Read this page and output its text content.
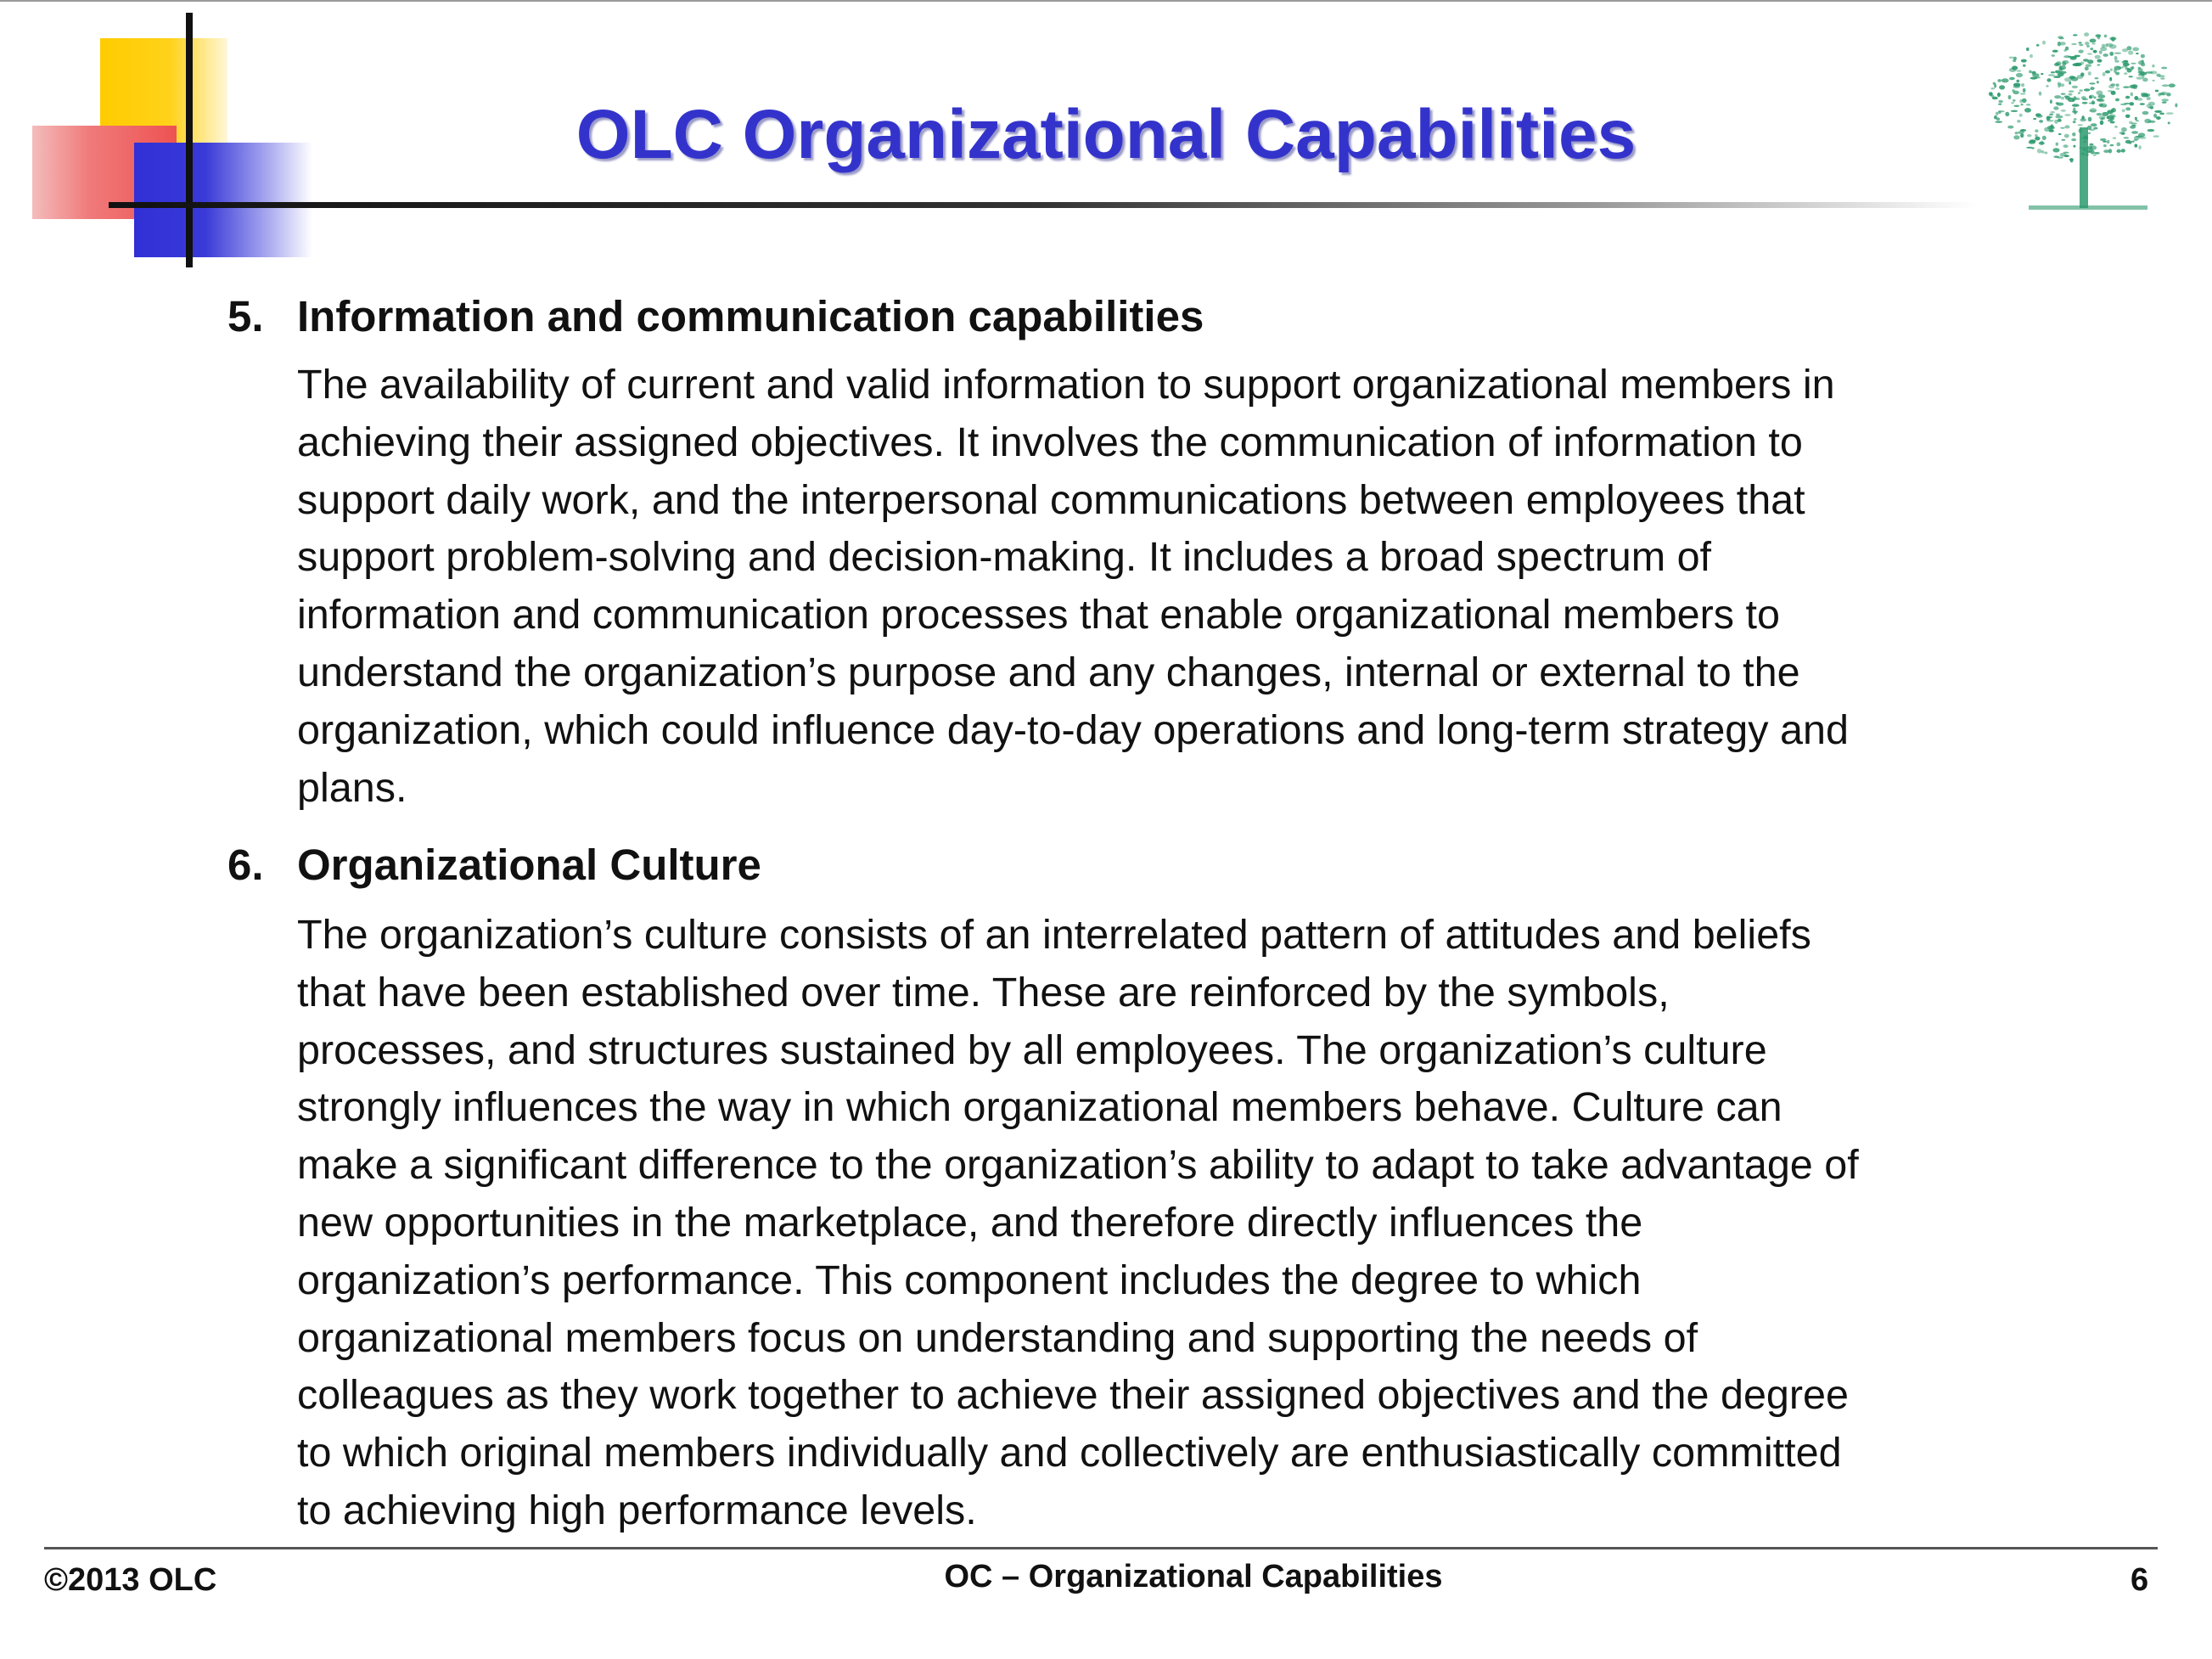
OLC Organizational Capabilities
5. Information and communication capabilities
The availability of current and valid information to support organizational members in
achieving their assigned objectives. It involves the communication of information to
support daily work, and the interpersonal communications between employees that
support problem-solving and decision-making. It includes a broad spectrum of
information and communication processes that enable organizational members to
understand the organization’s purpose and any changes, internal or external to the
organization, which could influence day-to-day operations and long-term strategy and
plans.
6. Organizational Culture
The organization’s culture consists of an interrelated pattern of attitudes and beliefs
that have been established over time. These are reinforced by the symbols,
processes, and structures sustained by all employees. The organization’s culture
strongly influences the way in which organizational members behave. Culture can
make a significant difference to the organization’s ability to adapt to take advantage of
new opportunities in the marketplace, and therefore directly influences the
organization’s performance. This component includes the degree to which
organizational members focus on understanding and supporting the needs of
colleagues as they work together to achieve their assigned objectives and the degree
to which original members individually and collectively are enthusiastically committed
to achieving high performance levels.
©2013 OLC	OC – Organizational Capabilities	6
